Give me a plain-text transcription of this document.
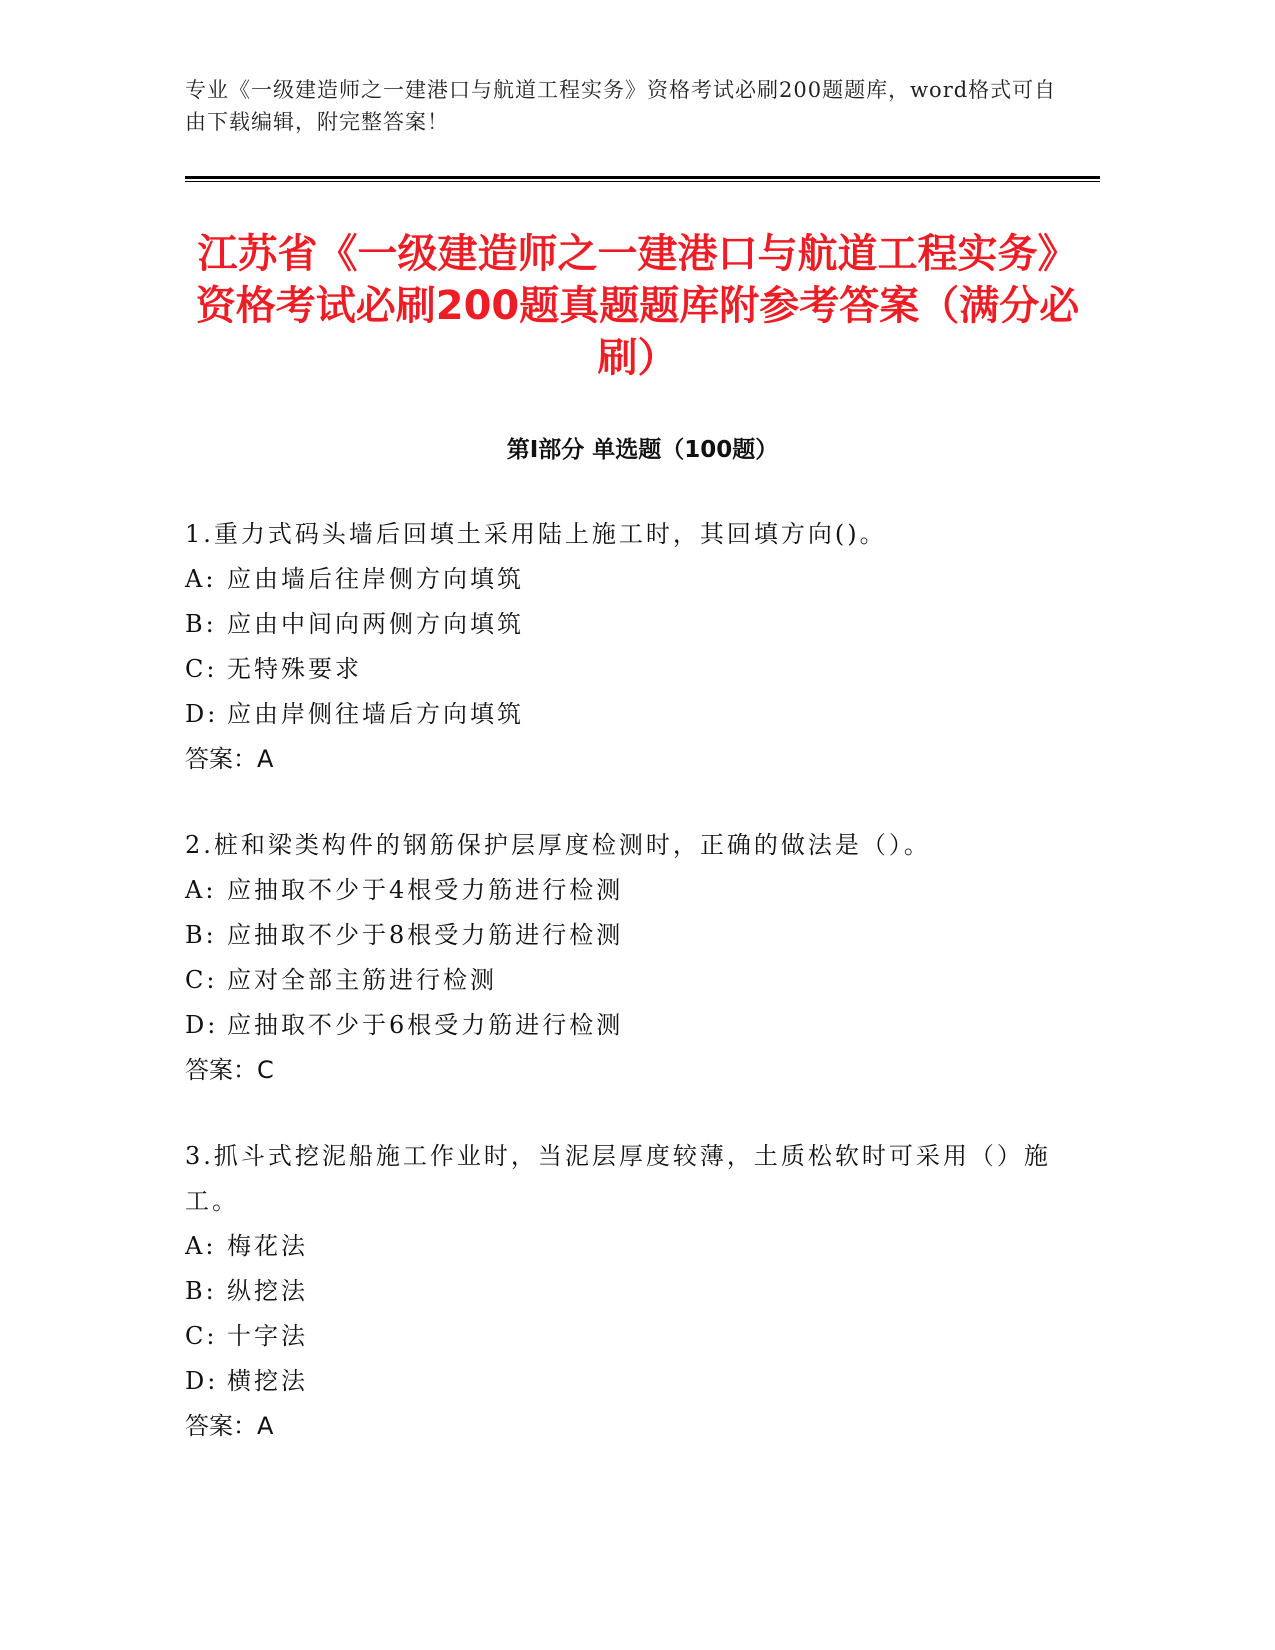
专业《一级建造师之一建港口与航道工程实务》资格考试必刷200题题库，word格式可自由下载编辑，附完整答案！

江苏省《一级建造师之一建港口与航道工程实务》资格考试必刷200题真题题库附参考答案（满分必刷）
第Ⅰ部分 单选题（100题）

1.重力式码头墙后回填土采用陆上施工时，其回填方向()。

A: 应由墙后往岸侧方向填筑

B: 应由中间向两侧方向填筑

C: 无特殊要求

D: 应由岸侧往墙后方向填筑

答案：A

2.桩和梁类构件的钢筋保护层厚度检测时，正确的做法是（）。

A: 应抽取不少于4根受力筋进行检测

B: 应抽取不少于8根受力筋进行检测

C: 应对全部主筋进行检测

D: 应抽取不少于6根受力筋进行检测

答案：C

3.抓斗式挖泥船施工作业时，当泥层厚度较薄，土质松软时可采用（）施工。

A: 梅花法

B: 纵挖法

C: 十字法

D: 横挖法

答案：A
